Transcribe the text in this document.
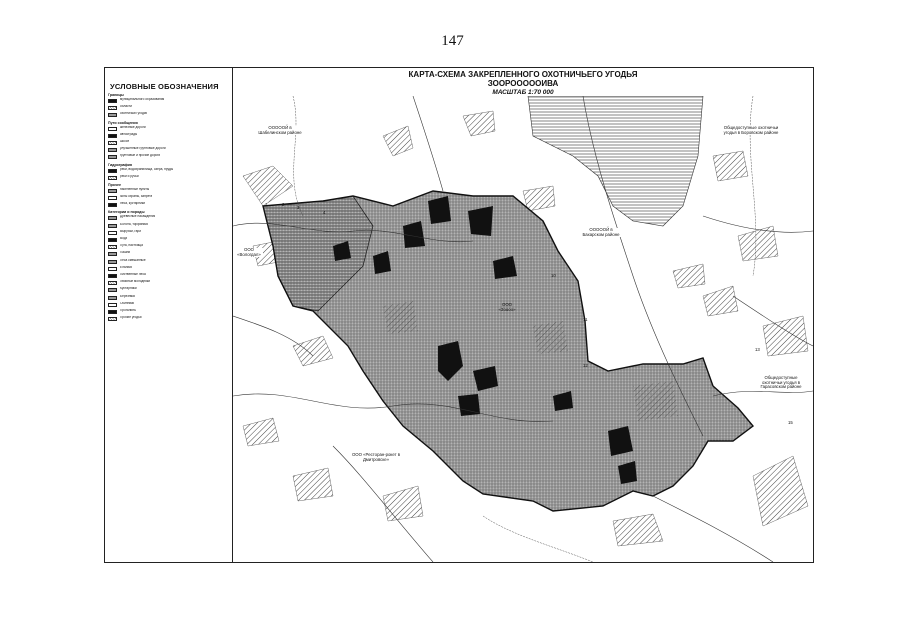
147
УСЛОВНЫЕ ОБОЗНАЧЕНИЯ
Границы
муниципального образования
области
охотничьих угодий
Пути сообщения
железные дороги
автострады
шоссе
улучшенные грунтовые дороги
грунтовые и прочие дороги
Гидрография
реки, водохранилища, озера, пруды
реки и ручьи
Прочее
населенные пункты
зоны охраны, запрета
леса, кустарники
Категории и породы
Древесные насаждения
Болота, торфяники
Вырубки, гари
Вода
Луга, пастбища
Пашни
Леса смешанные
Ельники
Лиственные леса
Хвойные молодняки
Кустарники
Березняки
Осинники
Прогалины
Прочие угодья
КАРТА-СХЕМА ЗАКРЕПЛЕННОГО ОХОТНИЧЬЕГО УГОДЬЯ
ЗООРООООOИВА
МАСШТАБ 1:70 000
ОООООЙ в Шабелинском районе
Общедоступные охотничьи угодья в Боровском районе
ООО «Вологдал»
ООО «Зоооо»
ОООООЙ в Бахарском районе
Общедоступные охотничьи угодья в Гарасовском районе
ООО «Ресторан-рокет в Дмитровске»
1	2
3
4
10
11
12
13
15
